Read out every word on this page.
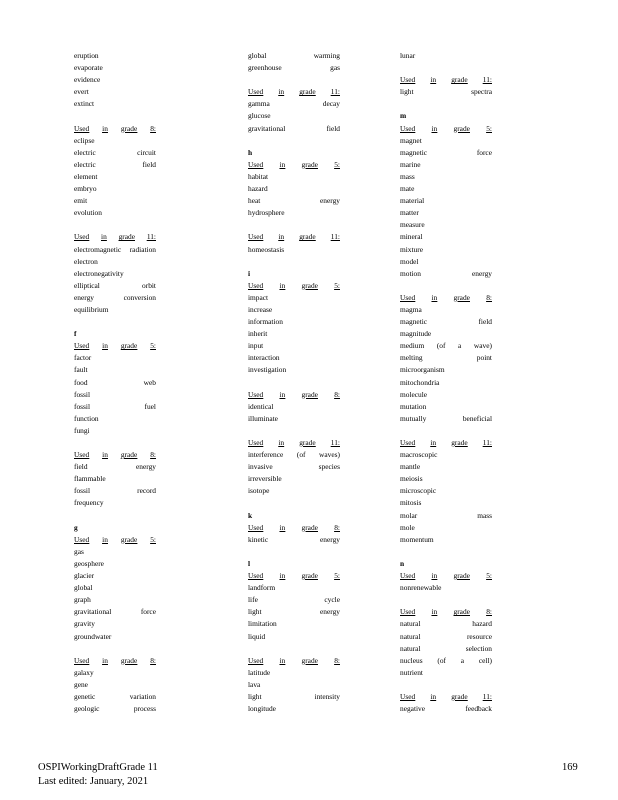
eruption
evaporate
evidence
evert
extinct
Used in grade 8:
eclipse
electric	circuit
electric	field
element
embryo
emit
evolution
Used in grade 11:
electromagnetic radiation
electron
electronegativity
elliptical	orbit
energy	conversion
equilibrium
f
Used in grade 5:
factor
fault
food	web
fossil
fossil	fuel
function
fungi
Used in grade 8:
field	energy
flammable
fossil	record
frequency
g
Used in grade 5:
gas
geosphere
glacier
global
graph
gravitational	force
gravity
groundwater
Used in grade 8:
galaxy
gene
genetic	variation
geologic	process
global	warming
greenhouse	gas
Used in grade 11:
gamma	decay
glucose
gravitational	field
h
Used in grade 5:
habitat
hazard
heat	energy
hydrosphere
Used in grade 11:
homeostasis
i
Used in grade 5:
impact
increase
information
inherit
input
interaction
investigation
Used in grade 8:
identical
illuminate
Used in grade 11:
interference (of waves)
invasive	species
irreversible
isotope
k
Used in grade 8:
kinetic	energy
l
Used in grade 5:
landform
life	cycle
light	energy
limitation
liquid
Used in grade 8:
latitude
lava
light	intensity
longitude
lunar
Used in grade 11:
light	spectra
m
Used in grade 5:
magnet
magnetic	force
marine
mass
mate
material
matter
measure
mineral
mixture
model
motion	energy
Used in grade 8:
magma
magnetic	field
magnitude
medium (of a wave)
melting	point
microorganism
mitochondria
molecule
mutation
mutually	beneficial
Used in grade 11:
macroscopic
mantle
meiosis
microscopic
mitosis
molar	mass
mole
momentum
n
Used in grade 5:
nonrenewable
Used in grade 8:
natural	hazard
natural	resource
natural	selection
nucleus (of a cell)
nutrient
Used in grade 11:
negative	feedback
OSPIWorkingDraftGrade 11
Last edited: January, 2021
169
